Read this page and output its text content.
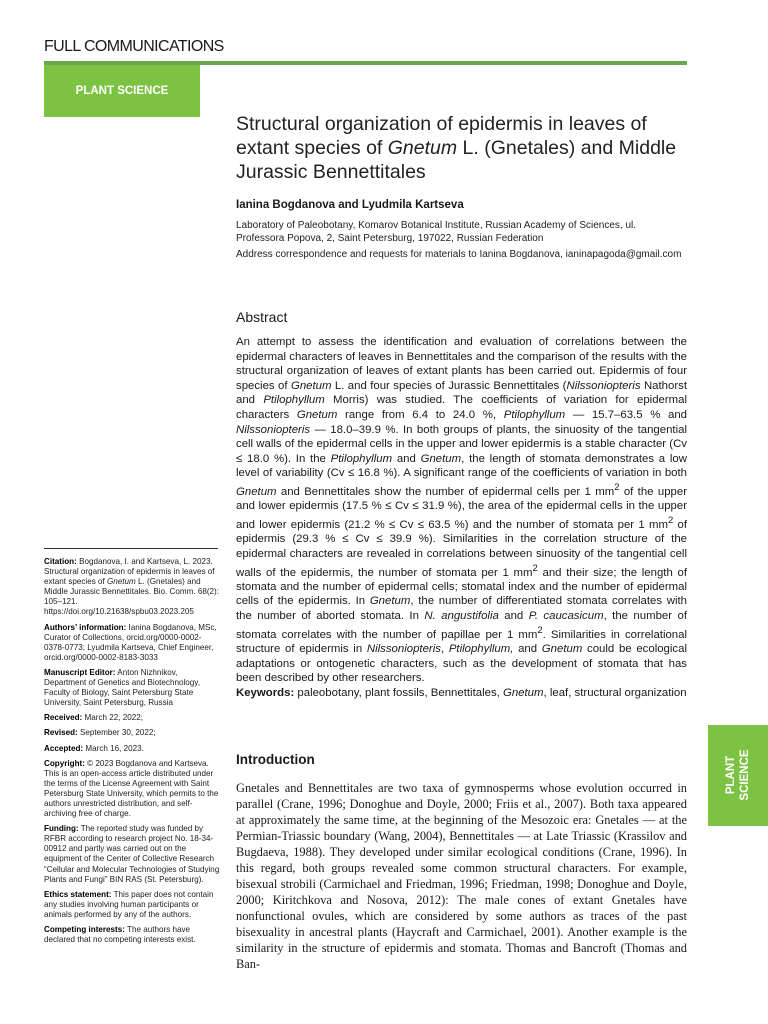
FULL COMMUNICATIONS
PLANT SCIENCE
PLANT SCIENCE
Structural organization of epidermis in leaves of extant species of Gnetum L. (Gnetales) and Middle Jurassic Bennettitales
Ianina Bogdanova and Lyudmila Kartseva
Laboratory of Paleobotany, Komarov Botanical Institute, Russian Academy of Sciences, ul. Professora Popova, 2, Saint Petersburg, 197022, Russian Federation
Address correspondence and requests for materials to Ianina Bogdanova, ianinapagoda@gmail.com
Abstract

An attempt to assess the identification and evaluation of correlations between the epidermal characters of leaves in Bennettitales and the comparison of the results with the structural organization of leaves of extant plants has been carried out. Epidermis of four species of Gnetum L. and four species of Jurassic Bennettitales (Nilssoniopteris Nathorst and Ptilophyllum Morris) was studied. The coefficients of variation for epidermal characters Gnetum range from 6.4 to 24.0 %, Ptilophyllum — 15.7–63.5 % and Nilssoniopteris — 18.0–39.9 %. In both groups of plants, the sinuosity of the tangential cell walls of the epidermal cells in the upper and lower epidermis is a stable character (Cv ≤ 18.0 %). In the Ptilophyllum and Gnetum, the length of stomata demonstrates a low level of variability (Cv ≤ 16.8 %). A significant range of the coefficients of variation in both Gnetum and Bennettitales show the number of epidermal cells per 1 $mm^2$ of the upper and lower epidermis (17.5 % ≤ Cv ≤ 31.9 %), the area of the epidermal cells in the upper and lower epidermis (21.2 % ≤ Cv ≤ 63.5 %) and the number of stomata per 1 $mm^2$ of epidermis (29.3 % ≤ Cv ≤ 39.9 %). Similarities in the correlation structure of the epidermal characters are revealed in correlations between sinuosity of the tangential cell walls of the epidermis, the number of stomata per 1 $mm^2$ and their size; the length of stomata and the number of epidermal cells; stomatal index and the number of epidermal cells of the epidermis. In Gnetum, the number of differentiated stomata correlates with the number of aborted stomata. In N. angustifolia and P. caucasicum, the number of stomata correlates with the number of papillae per 1 $mm^2$. Similarities in correlational structure of epidermis in Nilssoniopteris, Ptilophyllum, and Gnetum could be ecological adaptations or ontogenetic characters, such as the development of stomata that has been described by other researchers.

Keywords: paleobotany, plant fossils, Bennettitales, Gnetum, leaf, structural organization

Introduction
Gnetales and Bennettitales are two taxa of gymnosperms whose evolution occurred in parallel (Crane, 1996; Donoghue and Doyle, 2000; Friis et al., 2007). Both taxa appeared at approximately the same time, at the beginning of the Mesozoic era: Gnetales — at the Permian-Triassic boundary (Wang, 2004), Bennettitales — at Late Triassic (Krassilov and Bugdaeva, 1988). They developed under similar ecological conditions (Crane, 1996). In this regard, both groups revealed some common structural characters. For example, bisexual strobili (Carmichael and Friedman, 1996; Friedman, 1998; Donoghue and Doyle, 2000; Kiritchkova and Nosova, 2012): The male cones of extant Gnetales have nonfunctional ovules, which are considered by some authors as traces of the past bisexuality in ancestral plants (Haycraft and Carmichael, 2001). Another example is the similarity in the structure of epidermis and stomata. Thomas and Bancroft (Thomas and Ban-

Citation: Bogdanova, I. and Kartseva, L. 2023. Structural organization of epidermis in leaves of extant species of Gnetum L. (Gnetales) and Middle Jurassic Bennettitales. Bio. Comm. 68(2): 105–121. https://doi.org/10.21638/spbu03.2023.205

Authors’ information: Ianina Bogdanova, MSc, Curator of Collections, orcid.org/0000-0002-0378-0773; Lyudmila Kartseva, Chief Engineer, orcid.org/0000-0002-8183-3033

Manuscript Editor: Anton Nizhnikov, Department of Genetics and Biotechnology, Faculty of Biology, Saint Petersburg State University, Saint Petersburg, Russia

Received: March 22, 2022;

Revised: September 30, 2022;

Accepted: March 16, 2023.

Copyright: © 2023 Bogdanova and Kartseva. This is an open-access article distributed under the terms of the License Agreement with Saint Petersburg State University, which permits to the authors unrestricted distribution, and self-archiving free of charge.

Funding: The reported study was funded by RFBR according to research project No. 18-34-00912 and partly was carried out on the equipment of the Center of Collective Research “Cellular and Molecular Technologies of Studying Plants and Fungi” BIN RAS (St. Petersburg).

Ethics statement: This paper does not contain any studies involving human participants or animals performed by any of the authors.

Competing interests: The authors have declared that no competing interests exist.
